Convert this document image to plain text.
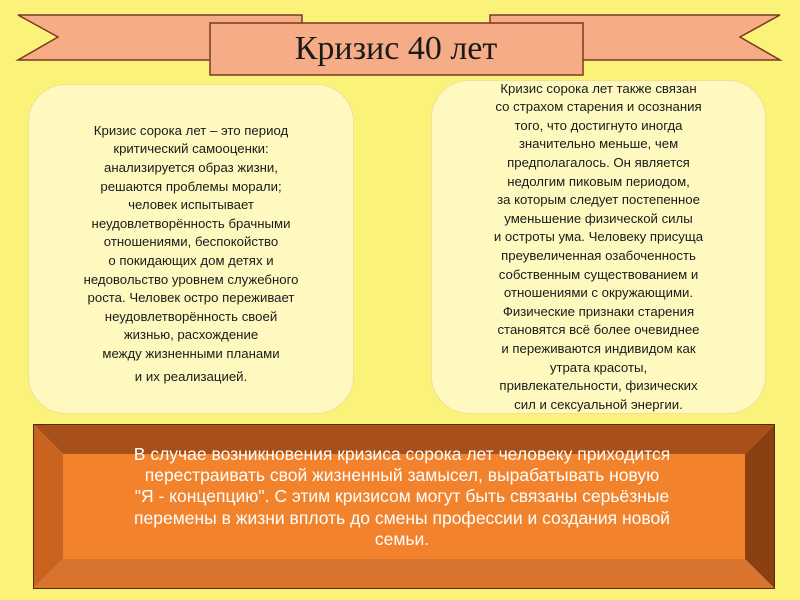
Кризис 40 лет
Кризис сорока лет – это период
критический самооценки:
анализируется образ жизни,
решаются проблемы морали;
человек испытывает
неудовлетворённость брачными
отношениями, беспокойство
о покидающих дом детях и
недовольство уровнем служебного
роста. Человек остро переживает
неудовлетворённость своей
жизнью, расхождение
между жизненными планами
и их реализацией.
Кризис сорока лет также связан
со страхом старения и осознания
того, что достигнуто иногда
значительно меньше, чем
предполагалось. Он является
недолгим пиковым периодом,
за которым следует постепенное
уменьшение физической силы
и остроты ума. Человеку присуща
преувеличенная озабоченность
собственным существованием и
отношениями с окружающими.
Физические признаки старения
становятся всё более очевиднее
и переживаются индивидом как
утрата красоты,
привлекательности, физических
сил и сексуальной энергии.
В случае возникновения кризиса сорока лет человеку приходится
перестраивать свой жизненный замысел, вырабатывать новую
"Я - концепцию". С этим кризисом могут быть связаны серьёзные
перемены в жизни вплоть до смены профессии и создания новой
семьи.
